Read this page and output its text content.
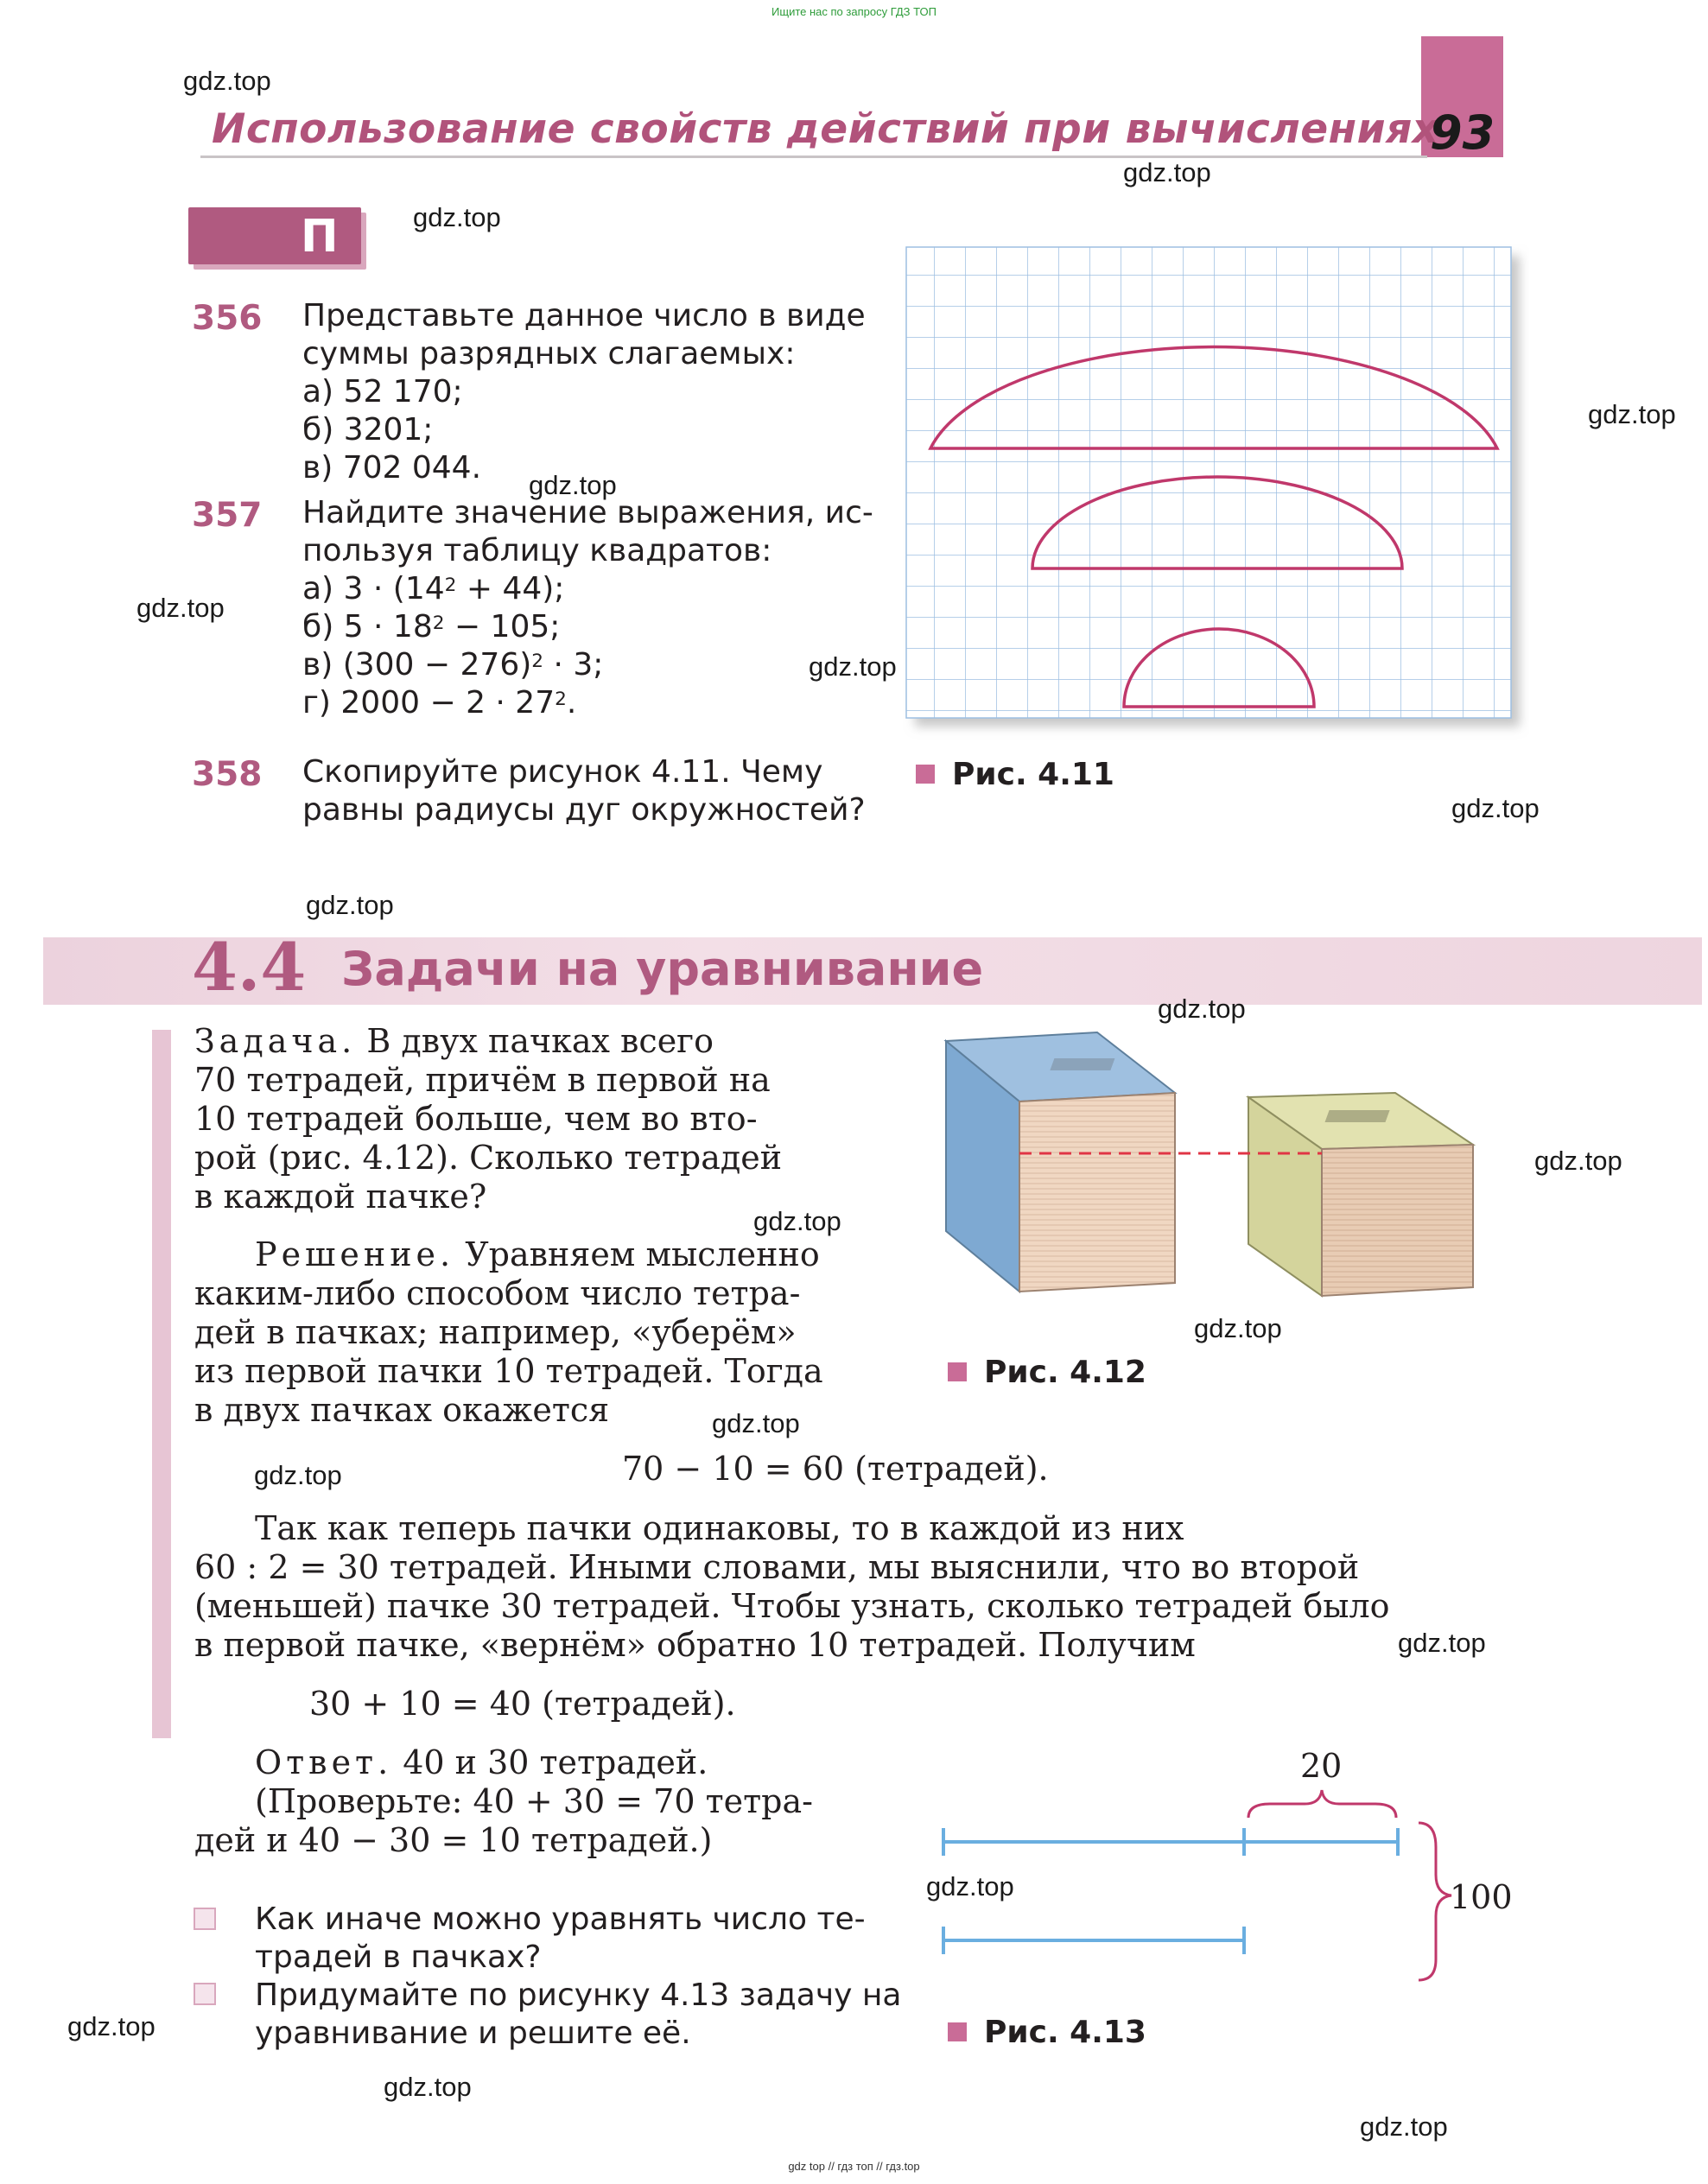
Ищите нас по запросу ГДЗ ТОП
Использование свойств действий при вычислениях
93
П
356 Представьте данное число в виде
суммы разрядных слагаемых:
а) 52 170;
б) 3201;
в) 702 044.
357 Найдите значение выражения, ис-
пользуя таблицу квадратов:
а) $3 \cdot (14^2 + 44)$;
б) $5 \cdot 18^2 - 105$;
в) $(300 - 276)^2 \cdot 3$;
г) $2000 - 2 \cdot 27^2$.
358 Скопируйте рисунок 4.11. Чему
равны радиусы дуг окружностей?
Рис. 4.11
4.4 Задачи на уравнивание
Задача. В двух пачках всего
70 тетрадей, причём в первой на
10 тетрадей больше, чем во вто-
рой (рис. 4.12). Сколько тетрадей
в каждой пачке?
Решение. Уравняем мысленно
каким-либо способом число тетра-
дей в пачках; например, «уберём»
из первой пачки 10 тетрадей. Тогда
в двух пачках окажется
70 − 10 = 60 (тетрадей).
Так как теперь пачки одинаковы, то в каждой из них
60 : 2 = 30 тетрадей. Иными словами, мы выяснили, что во второй
(меньшей) пачке 30 тетрадей. Чтобы узнать, сколько тетрадей было
в первой пачке, «вернём» обратно 10 тетрадей. Получим
30 + 10 = 40 (тетрадей).
Ответ. 40 и 30 тетрадей.
(Проверьте: 40 + 30 = 70 тетра-
дей и 40 − 30 = 10 тетрадей.)
Как иначе можно уравнять число те-
традей в пачках?
Придумайте по рисунку 4.13 задачу на
уравнивание и решите её.
Рис. 4.12
20
100
Рис. 4.13
gdz.top
gdz.top
gdz.top
gdz.top
gdz.top
gdz.top
gdz.top
gdz.top
gdz.top
gdz.top
gdz.top
gdz.top
gdz.top
gdz.top
gdz.top
gdz.top
gdz.top
gdz.top
gdz.top
gdz.top
gdz top // гдз топ // гдз.top
